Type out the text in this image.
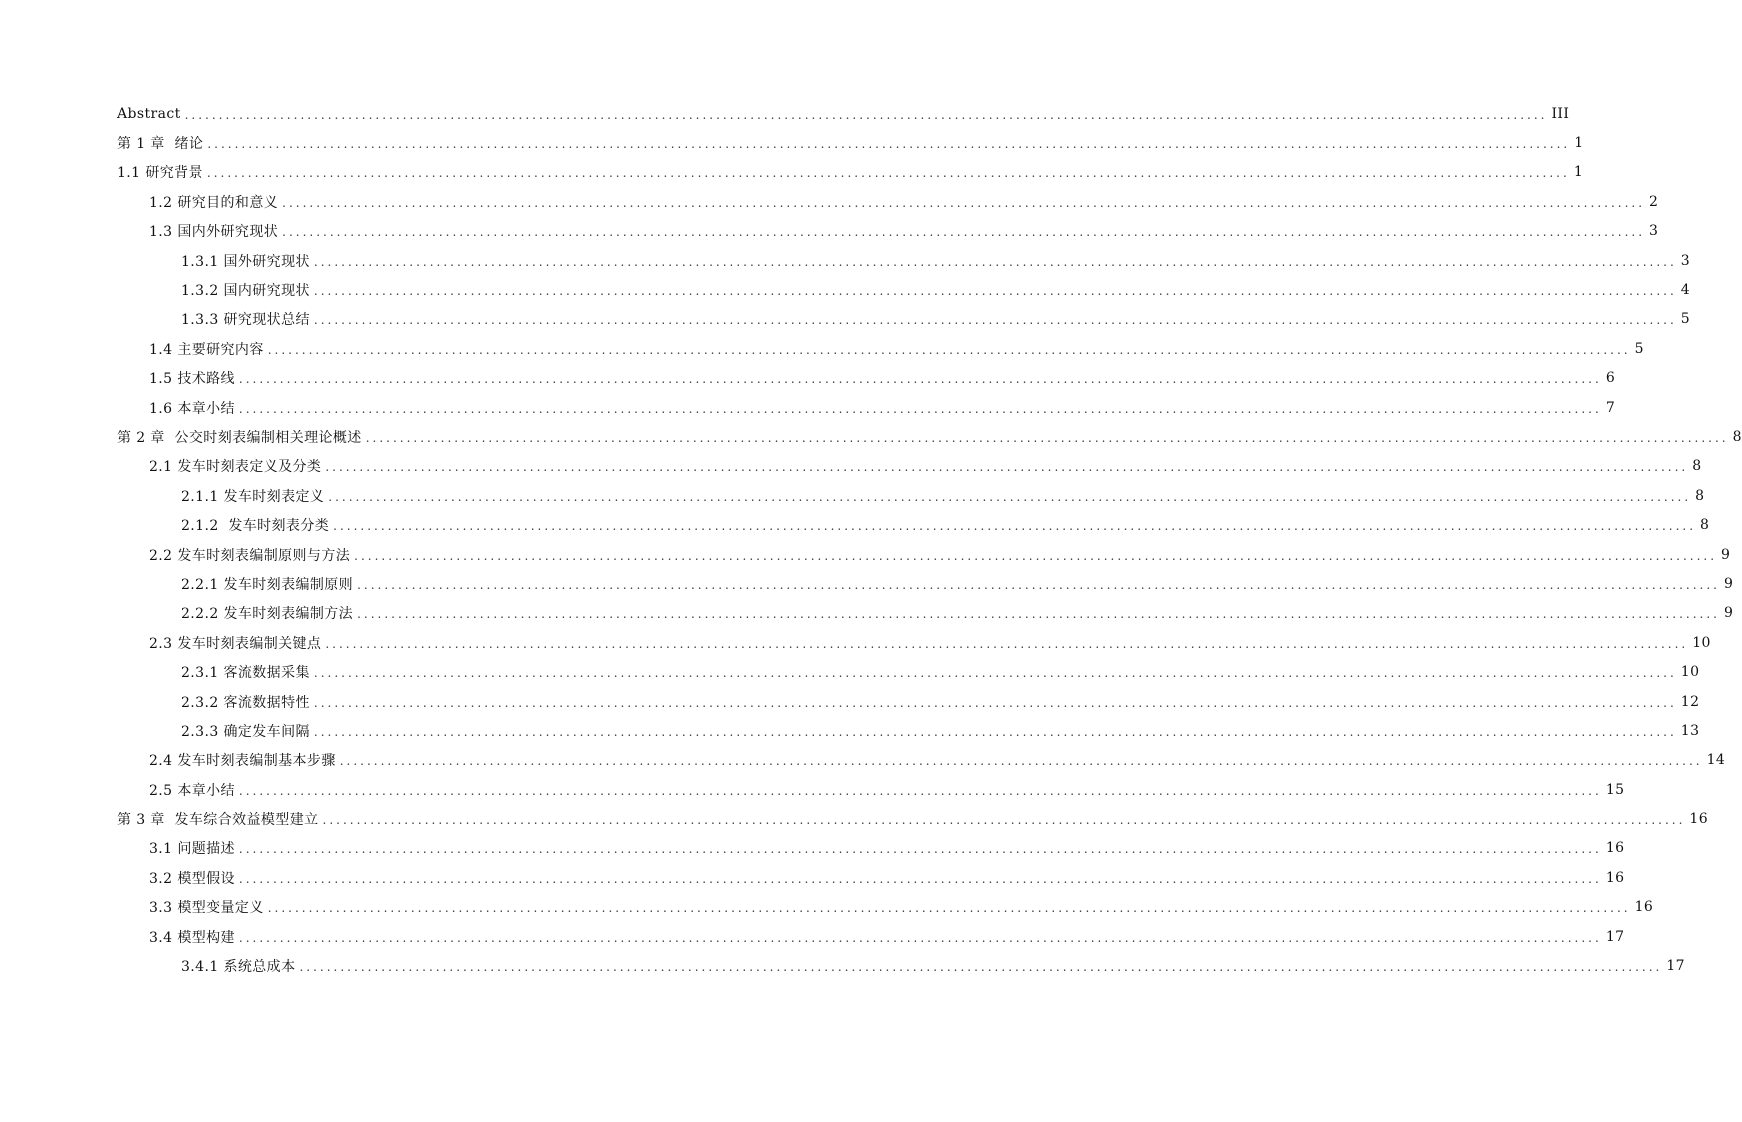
Abstract ........................................................................................................................................................................................................ III
第 1 章  绪论 ........................................................................................................................................................................................................ 1
1.1 研究背景 ........................................................................................................................................................................................................ 1
1.2 研究目的和意义 ........................................................................................................................................................................................................ 2
1.3 国内外研究现状 ........................................................................................................................................................................................................ 3
1.3.1 国外研究现状 ........................................................................................................................................................................................................ 3
1.3.2 国内研究现状 ........................................................................................................................................................................................................ 4
1.3.3 研究现状总结 ........................................................................................................................................................................................................ 5
1.4 主要研究内容 ........................................................................................................................................................................................................ 5
1.5 技术路线 ........................................................................................................................................................................................................ 6
1.6 本章小结 ........................................................................................................................................................................................................ 7
第 2 章  公交时刻表编制相关理论概述 ........................................................................................................................................................................................................ 8
2.1 发车时刻表定义及分类 ........................................................................................................................................................................................................ 8
2.1.1 发车时刻表定义 ........................................................................................................................................................................................................ 8
2.1.2  发车时刻表分类 ........................................................................................................................................................................................................ 8
2.2 发车时刻表编制原则与方法 ........................................................................................................................................................................................................ 9
2.2.1 发车时刻表编制原则 ........................................................................................................................................................................................................ 9
2.2.2 发车时刻表编制方法 ........................................................................................................................................................................................................ 9
2.3 发车时刻表编制关键点 ........................................................................................................................................................................................................ 10
2.3.1 客流数据采集 ........................................................................................................................................................................................................ 10
2.3.2 客流数据特性 ........................................................................................................................................................................................................ 12
2.3.3 确定发车间隔 ........................................................................................................................................................................................................ 13
2.4 发车时刻表编制基本步骤 ........................................................................................................................................................................................................ 14
2.5 本章小结 ........................................................................................................................................................................................................ 15
第 3 章  发车综合效益模型建立 ........................................................................................................................................................................................................ 16
3.1 问题描述 ........................................................................................................................................................................................................ 16
3.2 模型假设 ........................................................................................................................................................................................................ 16
3.3 模型变量定义 ........................................................................................................................................................................................................ 16
3.4 模型构建 ........................................................................................................................................................................................................ 17
3.4.1 系统总成本 ........................................................................................................................................................................................................ 17
